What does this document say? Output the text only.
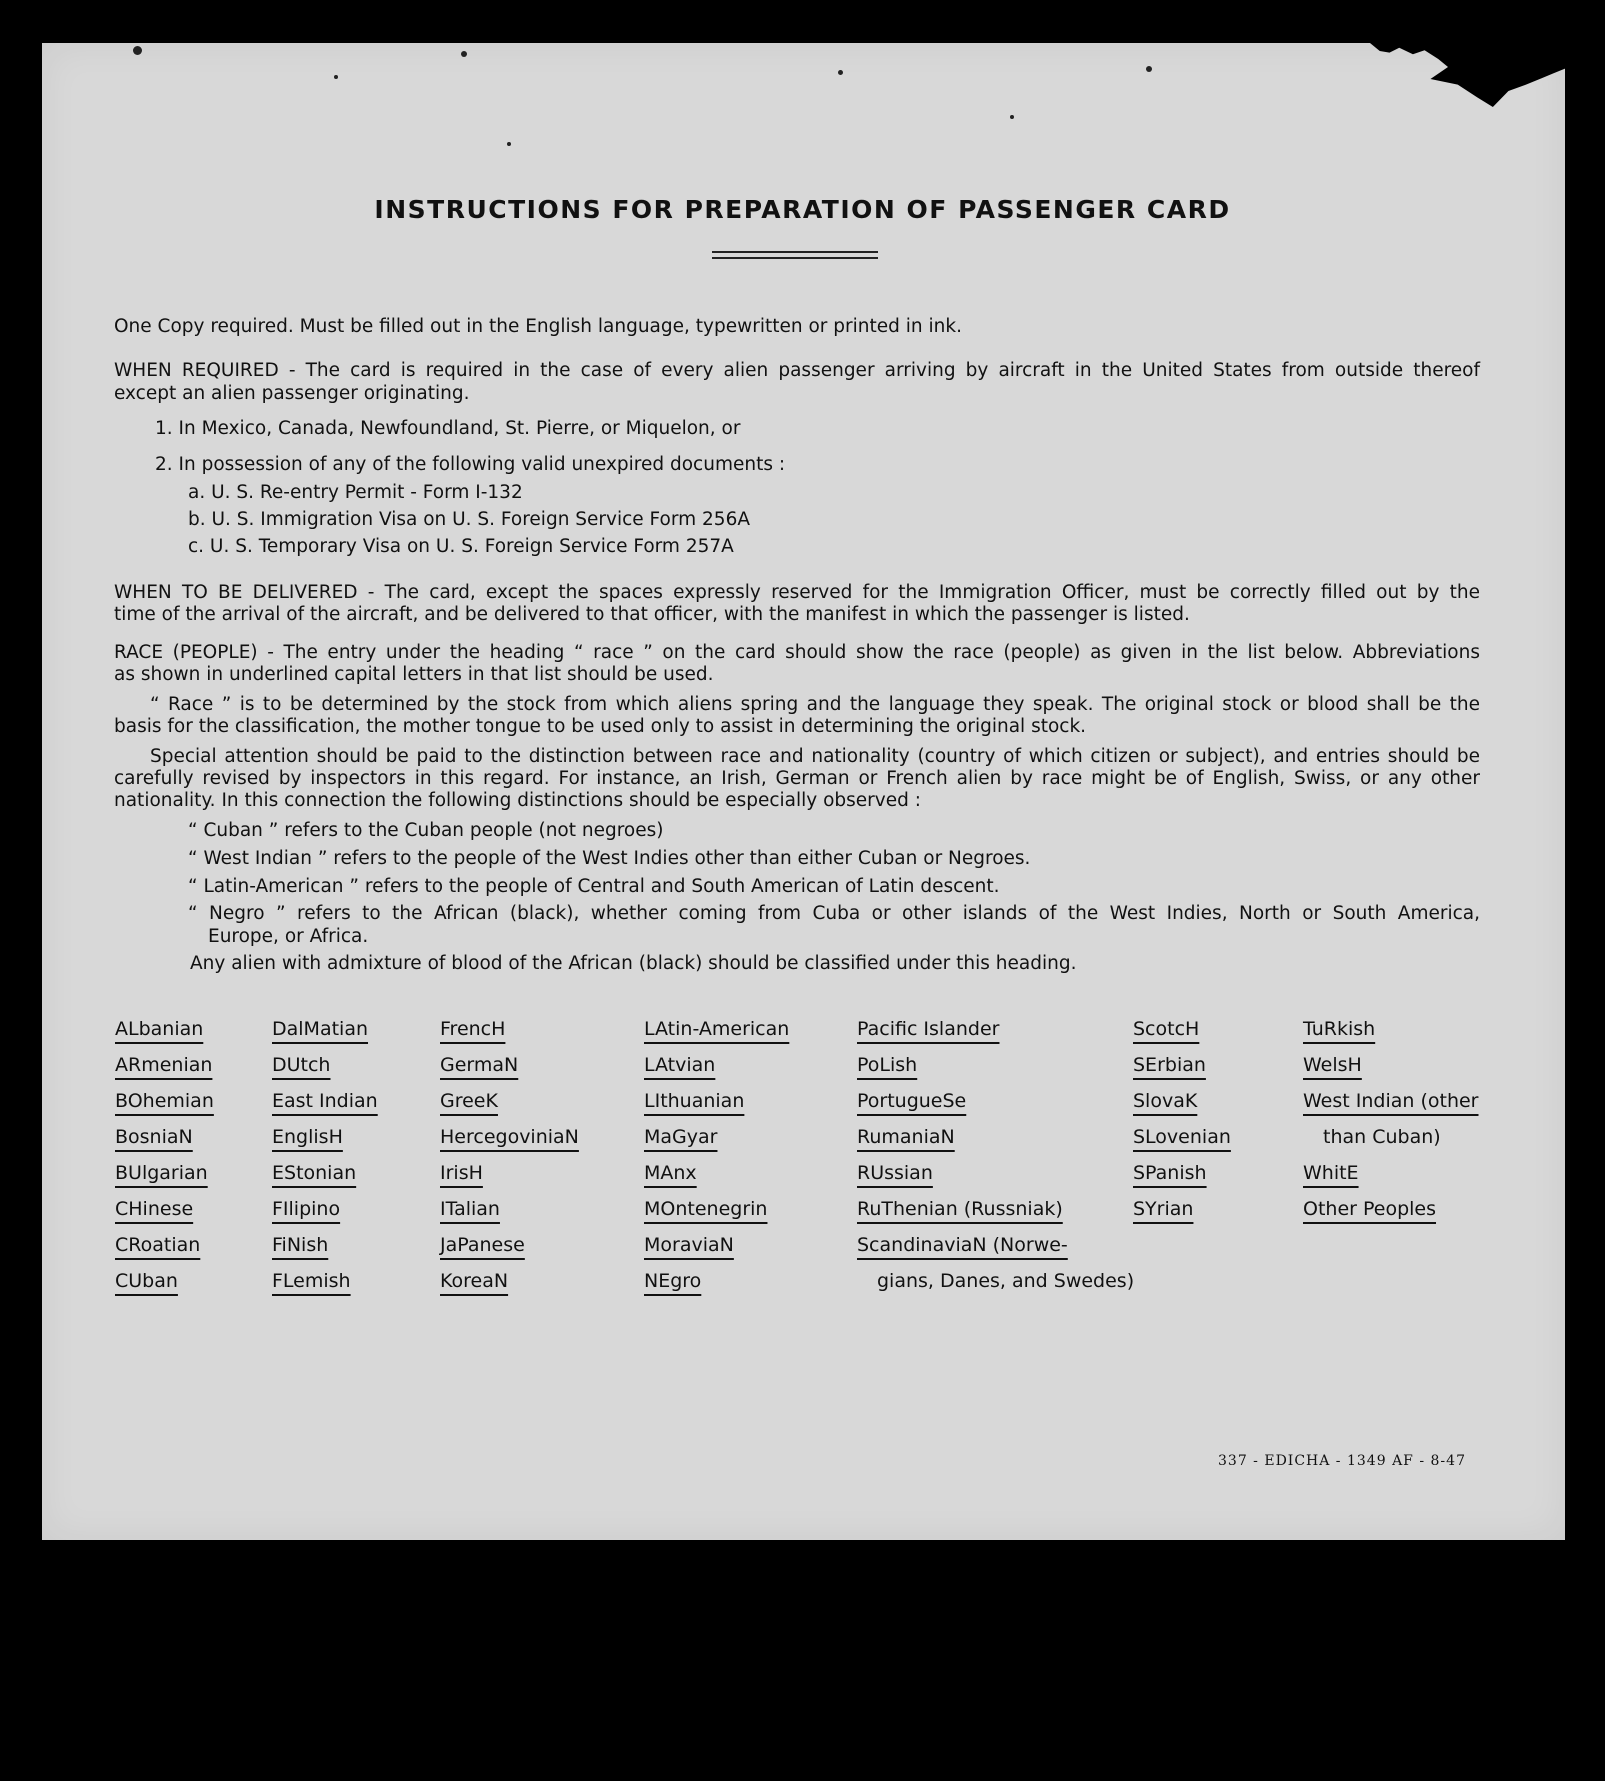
INSTRUCTIONS FOR PREPARATION OF PASSENGER CARD

One Copy required. Must be filled out in the English language, typewritten or printed in ink.

WHEN REQUIRED - The card is required in the case of every alien passenger arriving by aircraft in the United States from outside thereof

except an alien passenger originating.

1. In Mexico, Canada, Newfoundland, St. Pierre, or Miquelon, or

2. In possession of any of the following valid unexpired documents :

a. U. S. Re-entry Permit - Form I-132

b. U. S. Immigration Visa on U. S. Foreign Service Form 256A

c. U. S. Temporary Visa on U. S. Foreign Service Form 257A

WHEN TO BE DELIVERED - The card, except the spaces expressly reserved for the Immigration Officer, must be correctly filled out by the

time of the arrival of the aircraft, and be delivered to that officer, with the manifest in which the passenger is listed.

RACE (PEOPLE) - The entry under the heading “ race ” on the card should show the race (people) as given in the list below. Abbreviations

as shown in underlined capital letters in that list should be used.

“ Race ” is to be determined by the stock from which aliens spring and the language they speak. The original stock or blood shall be the

basis for the classification, the mother tongue to be used only to assist in determining the original stock.

Special attention should be paid to the distinction between race and nationality (country of which citizen or subject), and entries should be
carefully revised by inspectors in this regard. For instance, an Irish, German or French alien by race might be of English, Swiss, or any other

nationality. In this connection the following distinctions should be especially observed :

“ Cuban ” refers to the Cuban people (not negroes)

“ West Indian ” refers to the people of the West Indies other than either Cuban or Negroes.

“ Latin-American ” refers to the people of Central and South American of Latin descent.

“ Negro ” refers to the African (black), whether coming from Cuba or other islands of the West Indies, North or South America,

Europe, or Africa.

Any alien with admixture of blood of the African (black) should be classified under this heading.

ALbanian
ARmenian
BOhemian
BosniaN
BUlgarian
CHinese
CRoatian
CUban
DalMatian
DUtch
East Indian
EnglisH
EStonian
FIlipino
FiNish
FLemish
FrencH
GermaN
GreeK
HercegoviniaN
IrisH
ITalian
JaPanese
KoreaN
LAtin-American
LAtvian
LIthuanian
MaGyar
MAnx
MOntenegrin
MoraviaN
NEgro
Pacific Islander
PoLish
PortugueSe
RumaniaN
RUssian
RuThenian (Russniak)
ScandinaviaN (Norwe-
gians, Danes, and Swedes)
ScotcH
SErbian
SlovaK
SLovenian
SPanish
SYrian
TuRkish
WelsH
West Indian (other
than Cuban)
WhitE
Other Peoples
337 - EDICHA - 1349 AF - 8-47
